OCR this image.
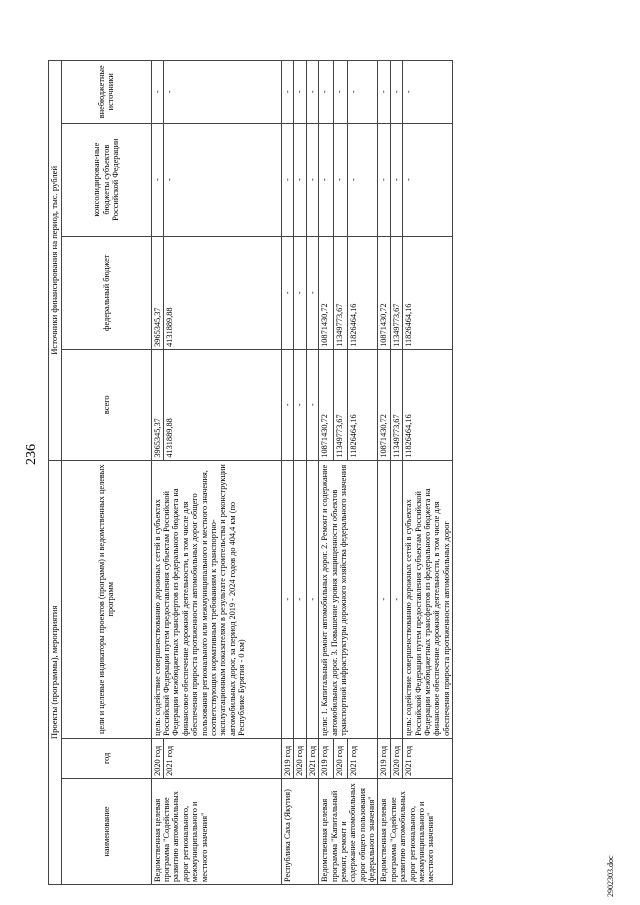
236
Проекты (программы), мероприятия			Источники финансирования на период, тыс. рублей			
наименование	год	цели и целевые индикаторы проектов (программ) и ведомственных целевых программ	всего	федеральный бюджет	консолидирован-ные бюджеты субъектов Российской Федерации	внебюджетные источники
Ведомственная целевая программа "Содействие развитию автомобильных дорог регионального, межмуниципального и местного значения"	2020 год	цель: содействие совершенствованию дорожных сетей в субъектах Российской Федерации путем предоставления субъектам Российской Федерации межбюджетных трансфертов из федерального бюджета на финансовое обеспечение дорожной деятельности, в том числе для обеспечения прироста протяженности автомобильных дорог общего пользования регионального или межмуниципального и местного значения, соответствующих нормативным требованиям к транспортно-эксплуатационным показателям в результате строительства и реконструкции автомобильных дорог, за период 2019 - 2024 годов до 404,4 км (по Республике Бурятия - 0 км)	3965345,37	3965345,37	-	-
	2021 год		4131889,88	4131889,88	-	-
Республика Саха (Якутия)	2019 год	-	-	-	-	-
	2020 год	-	-	-	-	-
	2021 год	-	-	-	-	-
Ведомственная целевая программа "Капитальный ремонт, ремонт и содержание автомобильных дорог общего пользования федерального значения"	2019 год	цели: 1. Капитальный ремонт автомобильных дорог. 2. Ремонт и содержание автомобильных дорог. 3. Повышение уровня защищенности объектов транспортной инфраструктуры дорожного хозяйства федерального значения	10871430,72	10871430,72	-	-
	2020 год		11349773,67	11349773,67	-	-
	2021 год		11826464,16	11826464,16	-	-
Ведомственная целевая программа "Содействие развитию автомобильных дорог регионального, межмуниципального и местного значения"	2019 год	-	10871430,72	10871430,72	-	-
	2020 год	-	11349773,67	11349773,67	-	-
	2021 год	цель: содействие совершенствованию дорожных сетей в субъектах Российской Федерации путем предоставления субъектам Российской Федерации межбюджетных трансфертов из федерального бюджета на финансовое обеспечение дорожной деятельности, в том числе для обеспечения прироста протяженности автомобильных дорог	11826464,16	11826464,16	-	-
2902303.doc
